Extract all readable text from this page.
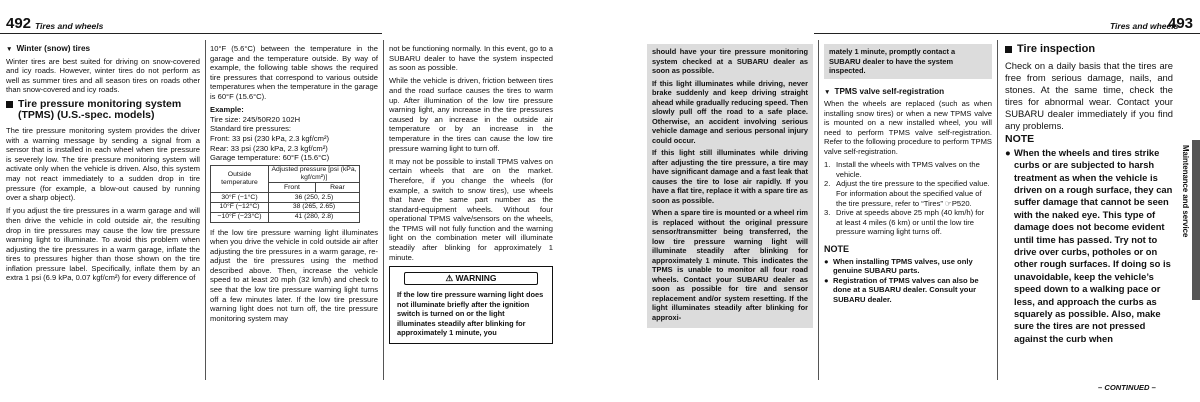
492 Tires and wheels
▼ Winter (snow) tires

Winter tires are best suited for driving on snow-covered and icy roads. However, winter tires do not perform as well as summer tires and all season tires on roads other than snow-covered and icy roads.

Tire pressure monitoring system (TPMS) (U.S.-spec. models)

The tire pressure monitoring system provides the driver with a warning message by sending a signal from a sensor that is installed in each wheel when tire pressure is severely low. The tire pressure monitoring system will activate only when the vehicle is driven. Also, this system may not react immediately to a sudden drop in tire pressure (for example, a blow-out caused by running over a sharp object).

If you adjust the tire pressures in a warm garage and will then drive the vehicle in cold outside air, the resulting drop in tire pressures may cause the low tire pressure warning light to illuminate. To avoid this problem when adjusting the tire pressures in a warm garage, inflate the tires to pressures higher than those shown on the tire inflation pressure label. Specifically, inflate them by an extra 1 psi (6.9 kPa, 0.07 kgf/cm²) for every difference of

10°F (5.6°C) between the temperature in the garage and the temperature outside. By way of example, the following table shows the required tire pressures that correspond to various outside temperatures when the temperature in the garage is 60°F (15.6°C).

Example:
Tire size: 245/50R20 102H
Standard tire pressures:
Front: 33 psi (230 kPa, 2.3 kgf/cm²)
Rear: 33 psi (230 kPa, 2.3 kgf/cm²)
Garage temperature: 60°F (15.6°C)
Outside temperature	Adjusted pressure [psi (kPa, kgf/cm²)]	
	Front	Rear
30°F (−1°C)	36 (250, 2.5)	
10°F (−12°C)	38 (265, 2.65)	
−10°F (−23°C)	41 (280, 2.8)	

If the low tire pressure warning light illuminates when you drive the vehicle in cold outside air after adjusting the tire pressures in a warm garage, re-adjust the tire pressures using the method described above. Then, increase the vehicle speed to at least 20 mph (32 km/h) and check to see that the low tire pressure warning light turns off a few minutes later. If the low tire pressure warning light does not turn off, the tire pressure monitoring system may

not be functioning normally. In this event, go to a SUBARU dealer to have the system inspected as soon as possible.

While the vehicle is driven, friction between tires and the road surface causes the tires to warm up. After illumination of the low tire pressure warning light, any increase in the tire pressures caused by an increase in the outside air temperature or by an increase in the temperature in the tires can cause the low tire pressure warning light to turn off.

It may not be possible to install TPMS valves on certain wheels that are on the market. Therefore, if you change the wheels (for example, a switch to snow tires), use wheels that have the same part number as the standard-equipment wheels. Without four operational TPMS valve/sensors on the wheels, the TPMS will not fully function and the warning light on the combination meter will illuminate steadily after blinking for approximately 1 minute.

⚠ WARNING
If the low tire pressure warning light does not illuminate briefly after the ignition switch is turned on or the light illuminates steadily after blinking for approximately 1 minute, you
Tires and wheels
493

should have your tire pressure monitoring system checked at a SUBARU dealer as soon as possible.

If this light illuminates while driving, never brake suddenly and keep driving straight ahead while gradually reducing speed. Then slowly pull off the road to a safe place. Otherwise, an accident involving serious vehicle damage and serious personal injury could occur.

If this light still illuminates while driving after adjusting the tire pressure, a tire may have significant damage and a fast leak that causes the tire to lose air rapidly. If you have a flat tire, replace it with a spare tire as soon as possible.

When a spare tire is mounted or a wheel rim is replaced without the original pressure sensor/transmitter being transferred, the low tire pressure warning light will illuminate steadily after blinking for approximately 1 minute. This indicates the TPMS is unable to monitor all four road wheels. Contact your SUBARU dealer as soon as possible for tire and sensor replacement and/or system resetting. If the light illuminates steadily after blinking for approxi-

mately 1 minute, promptly contact a SUBARU dealer to have the system inspected.
▼ TPMS valve self-registration

When the wheels are replaced (such as when installing snow tires) or when a new TPMS valve is mounted on a new installed wheel, you will need to perform TPMS valve self-registration. Refer to the following procedure to perform TPMS valve self-registration.

1. Install the wheels with TPMS valves on the vehicle.
2. Adjust the tire pressure to the specified value. For information about the specified value of the tire pressure, refer to “Tires” ☞P520.
3. Drive at speeds above 25 mph (40 km/h) for at least 4 miles (6 km) or until the low tire pressure warning light turns off.
NOTE
● When installing TPMS valves, use only genuine SUBARU parts.
● Registration of TPMS valves can also be done at a SUBARU dealer. Consult your SUBARU dealer.
Tire inspection

Check on a daily basis that the tires are free from serious damage, nails, and stones. At the same time, check the tires for abnormal wear. Contact your SUBARU dealer immediately if you find any problems.

NOTE
● When the wheels and tires strike curbs or are subjected to harsh treatment as when the vehicle is driven on a rough surface, they can suffer damage that cannot be seen with the naked eye. This type of damage does not become evident until time has passed. Try not to drive over curbs, potholes or on other rough surfaces. If doing so is unavoidable, keep the vehicle’s speed down to a walking pace or less, and approach the curbs as squarely as possible. Also, make sure the tires are not pressed against the curb when
Maintenance and service
– CONTINUED –
